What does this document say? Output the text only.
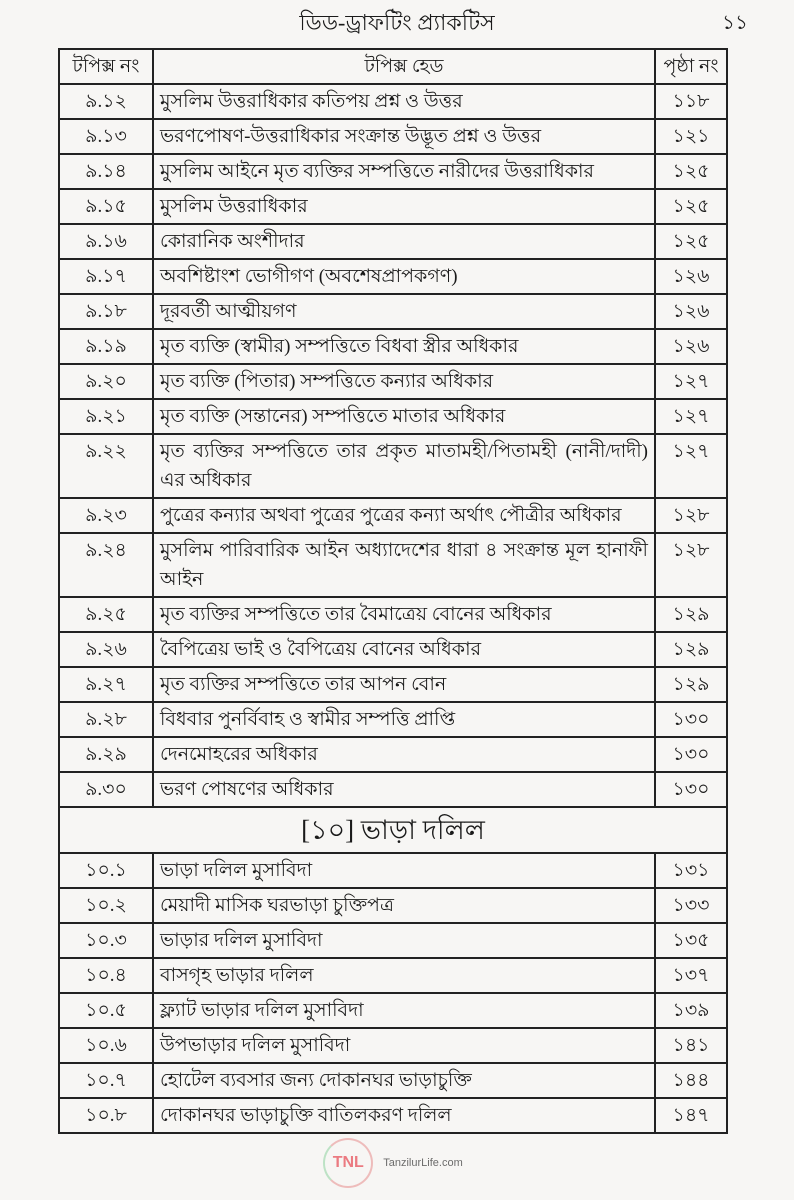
ডিড-ড্রাফটিং প্র্যাকটিস	১১
টপিক্স নং	টপিক্স হেড	পৃষ্ঠা নং
৯.১২	মুসলিম উত্তরাধিকার কতিপয় প্রশ্ন ও উত্তর	১১৮
৯.১৩	ভরণপোষণ-উত্তরাধিকার সংক্রান্ত উদ্ভূত প্রশ্ন ও উত্তর	১২১
৯.১৪	মুসলিম আইনে মৃত ব্যক্তির সম্পত্তিতে নারীদের উত্তরাধিকার	১২৫
৯.১৫	মুসলিম উত্তরাধিকার	১২৫
৯.১৬	কোরানিক অংশীদার	১২৫
৯.১৭	অবশিষ্টাংশ ভোগীগণ (অবশেষপ্রাপকগণ)	১২৬
৯.১৮	দূরবর্তী আত্মীয়গণ	১২৬
৯.১৯	মৃত ব্যক্তি (স্বামীর) সম্পত্তিতে বিধবা স্ত্রীর অধিকার	১২৬
৯.২০	মৃত ব্যক্তি (পিতার) সম্পত্তিতে কন্যার অধিকার	১২৭
৯.২১	মৃত ব্যক্তি (সন্তানের) সম্পত্তিতে মাতার অধিকার	১২৭
৯.২২	মৃত ব্যক্তির সম্পত্তিতে তার প্রকৃত মাতামহী/পিতামহী (নানী/দাদী) এর অধিকার	১২৭
৯.২৩	পুত্রের কন্যার অথবা পুত্রের পুত্রের কন্যা অর্থাৎ পৌত্রীর অধিকার	১২৮
৯.২৪	মুসলিম পারিবারিক আইন অধ্যাদেশের ধারা ৪ সংক্রান্ত মূল হানাফী আইন	১২৮
৯.২৫	মৃত ব্যক্তির সম্পত্তিতে তার বৈমাত্রেয় বোনের অধিকার	১২৯
৯.২৬	বৈপিত্রেয় ভাই ও বৈপিত্রেয় বোনের অধিকার	১২৯
৯.২৭	মৃত ব্যক্তির সম্পত্তিতে তার আপন বোন	১২৯
৯.২৮	বিধবার পুনর্বিবাহ ও স্বামীর সম্পত্তি প্রাপ্তি	১৩০
৯.২৯	দেনমোহরের অধিকার	১৩০
৯.৩০	ভরণ পোষণের অধিকার	১৩০
[১০] ভাড়া দলিল		
১০.১	ভাড়া দলিল মুসাবিদা	১৩১
১০.২	মেয়াদী মাসিক ঘরভাড়া চুক্তিপত্র	১৩৩
১০.৩	ভাড়ার দলিল মুসাবিদা	১৩৫
১০.৪	বাসগৃহ ভাড়ার দলিল	১৩৭
১০.৫	ফ্ল্যাট ভাড়ার দলিল মুসাবিদা	১৩৯
১০.৬	উপভাড়ার দলিল মুসাবিদা	১৪১
১০.৭	হোটেল ব্যবসার জন্য দোকানঘর ভাড়াচুক্তি	১৪৪
১০.৮	দোকানঘর ভাড়াচুক্তি বাতিলকরণ দলিল	১৪৭
TNL TanzilurLife.com
